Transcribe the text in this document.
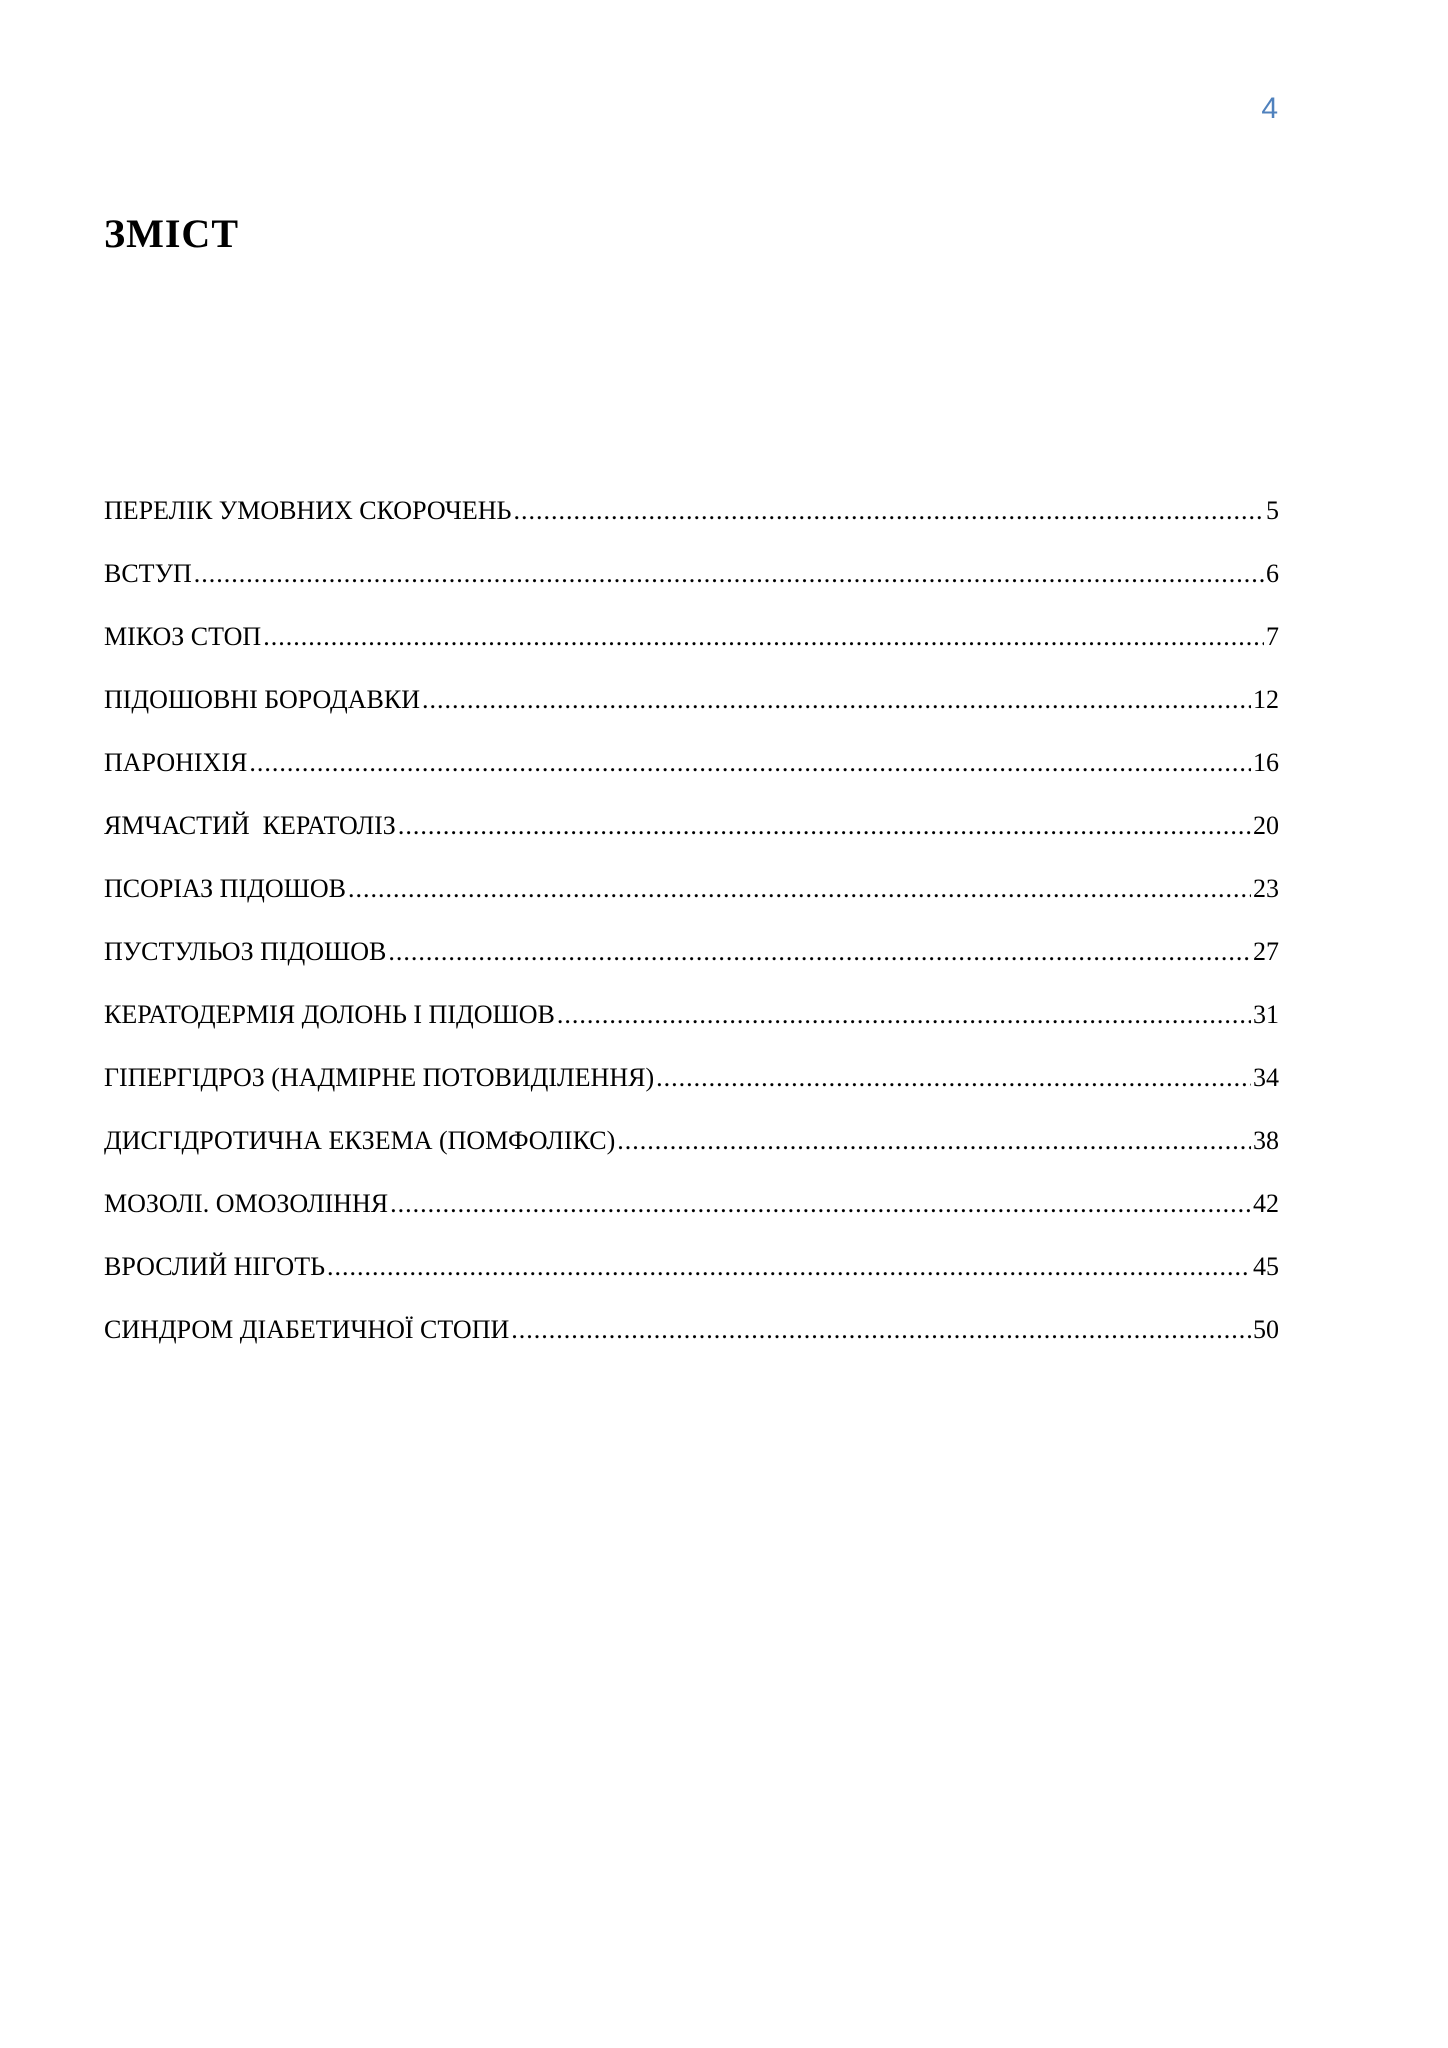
4
ЗМІСТ
ПЕРЕЛІК УМОВНИХ СКОРОЧЕНЬ .....	5
ВСТУП .....	6
МІКОЗ СТОП .....	7
ПІДОШОВНІ БОРОДАВКИ .....	12
ПАРОНІХІЯ .....	16
ЯМЧАСТИЙ  КЕРАТОЛІЗ .....	20
ПСОРІАЗ ПІДОШОВ .....	23
ПУСТУЛЬОЗ ПІДОШОВ .....	27
КЕРАТОДЕРМІЯ ДОЛОНЬ І ПІДОШОВ .....	31
ГІПЕРГІДРОЗ (НАДМІРНЕ ПОТОВИДІЛЕННЯ) .....	34
ДИСГІДРОТИЧНА ЕКЗЕМА (ПОМФОЛІКС) .....	38
МОЗОЛІ. ОМОЗОЛІННЯ .....	42
ВРОСЛИЙ НІГОТЬ .....	45
СИНДРОМ ДІАБЕТИЧНОЇ СТОПИ .....	50
